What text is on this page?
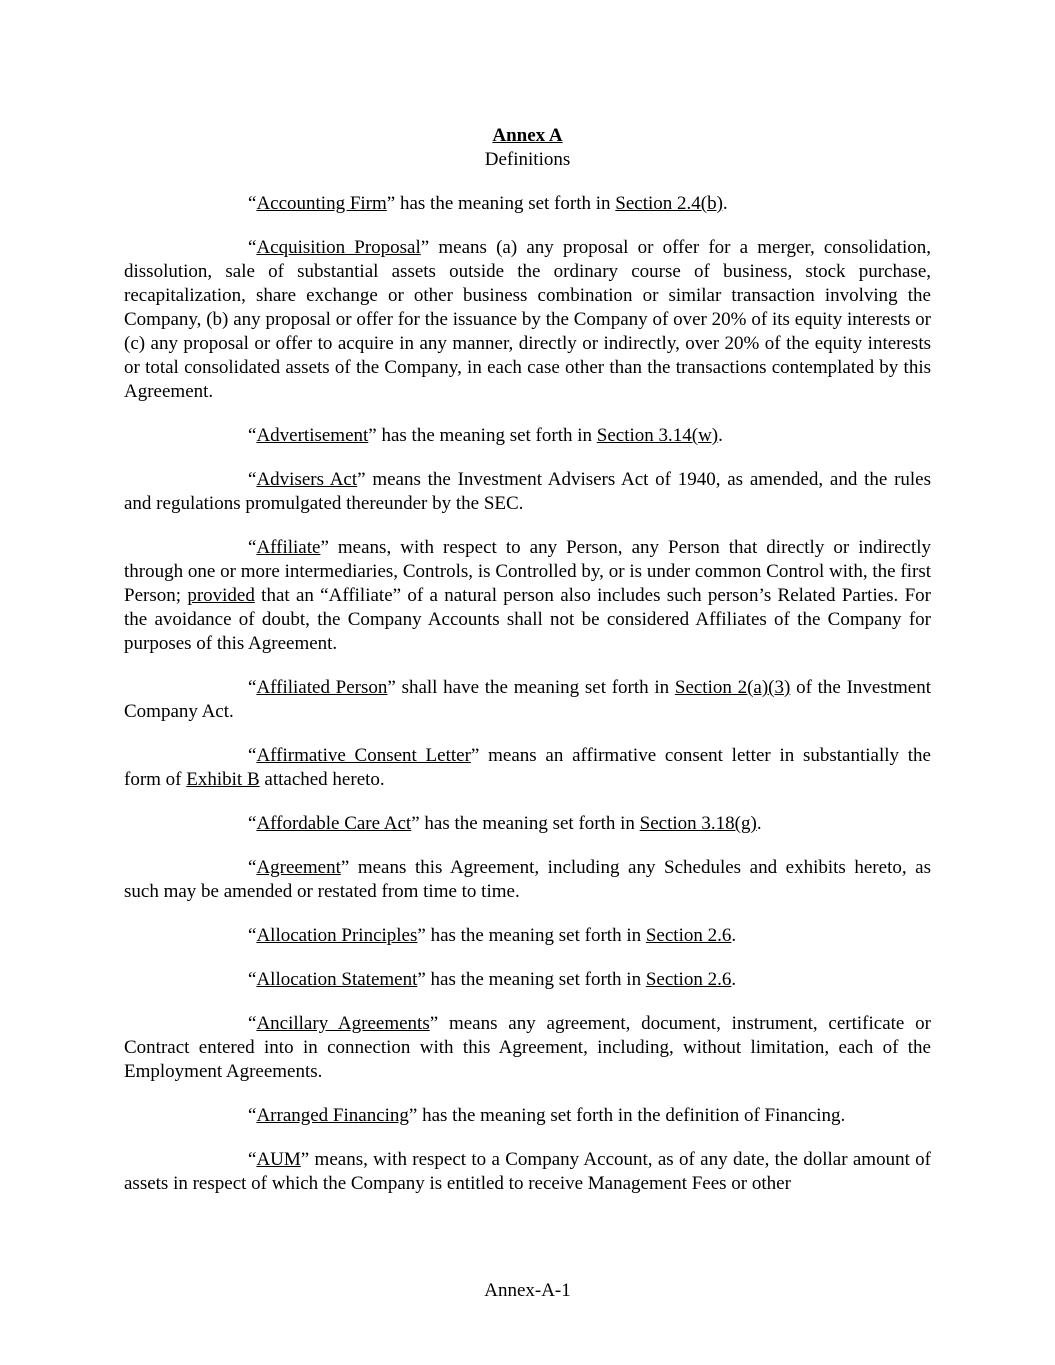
Annex A
Definitions

“Accounting Firm” has the meaning set forth in Section 2.4(b).

“Acquisition Proposal” means (a) any proposal or offer for a merger, consolidation, dissolution, sale of substantial assets outside the ordinary course of business, stock purchase, recapitalization, share exchange or other business combination or similar transaction involving the Company, (b) any proposal or offer for the issuance by the Company of over 20% of its equity interests or (c) any proposal or offer to acquire in any manner, directly or indirectly, over 20% of the equity interests or total consolidated assets of the Company, in each case other than the transactions contemplated by this Agreement.

“Advertisement” has the meaning set forth in Section 3.14(w).

“Advisers Act” means the Investment Advisers Act of 1940, as amended, and the rules and regulations promulgated thereunder by the SEC.

“Affiliate” means, with respect to any Person, any Person that directly or indirectly through one or more intermediaries, Controls, is Controlled by, or is under common Control with, the first Person; provided that an “Affiliate” of a natural person also includes such person’s Related Parties. For the avoidance of doubt, the Company Accounts shall not be considered Affiliates of the Company for purposes of this Agreement.

“Affiliated Person” shall have the meaning set forth in Section 2(a)(3) of the Investment Company Act.

“Affirmative Consent Letter” means an affirmative consent letter in substantially the form of Exhibit B attached hereto.

“Affordable Care Act” has the meaning set forth in Section 3.18(g).

“Agreement” means this Agreement, including any Schedules and exhibits hereto, as such may be amended or restated from time to time.

“Allocation Principles” has the meaning set forth in Section 2.6.

“Allocation Statement” has the meaning set forth in Section 2.6.

“Ancillary Agreements” means any agreement, document, instrument, certificate or Contract entered into in connection with this Agreement, including, without limitation, each of the Employment Agreements.

“Arranged Financing” has the meaning set forth in the definition of Financing.

“AUM” means, with respect to a Company Account, as of any date, the dollar amount of assets in respect of which the Company is entitled to receive Management Fees or other

Annex-A-1
